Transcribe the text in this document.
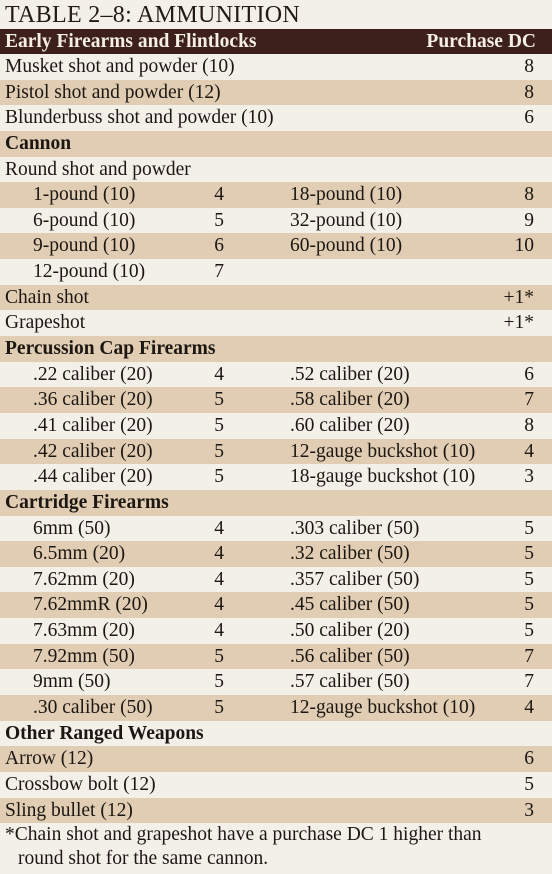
TABLE 2–8: AMMUNITION
Early Firearms and Flintlocks	Purchase DC
Musket shot and powder (10)	8
Pistol shot and powder (12)	8
Blunderbuss shot and powder (10)	6
Cannon
Round shot and powder
1-pound (10)	4	18-pound (10)	8
6-pound (10)	5	32-pound (10)	9
9-pound (10)	6	60-pound (10)	10
12-pound (10)	7
Chain shot	+1*
Grapeshot	+1*
Percussion Cap Firearms
.22 caliber (20)	4	.52 caliber (20)	6
.36 caliber (20)	5	.58 caliber (20)	7
.41 caliber (20)	5	.60 caliber (20)	8
.42 caliber (20)	5	12-gauge buckshot (10)	4
.44 caliber (20)	5	18-gauge buckshot (10)	3
Cartridge Firearms
6mm (50)	4	.303 caliber (50)	5
6.5mm (20)	4	.32 caliber (50)	5
7.62mm (20)	4	.357 caliber (50)	5
7.62mmR (20)	4	.45 caliber (50)	5
7.63mm (20)	4	.50 caliber (20)	5
7.92mm (50)	5	.56 caliber (50)	7
9mm (50)	5	.57 caliber (50)	7
.30 caliber (50)	5	12-gauge buckshot (10)	4
Other Ranged Weapons
Arrow (12)	6
Crossbow bolt (12)	5
Sling bullet (12)	3
*Chain shot and grapeshot have a purchase DC 1 higher than
round shot for the same cannon.
